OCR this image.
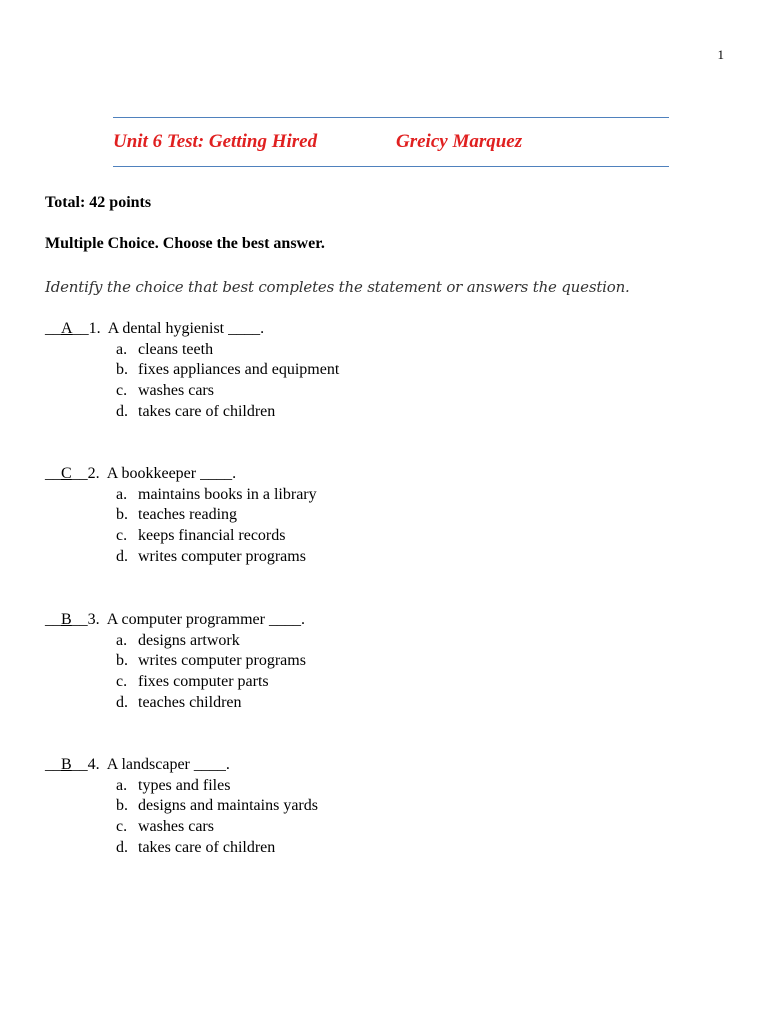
1
Unit 6 Test: Getting Hired	Greicy Marquez
Total: 42 points
Multiple Choice. Choose the best answer.
Identify the choice that best completes the statement or answers the question.
__A__1. A dental hygienist ____.
a. cleans teeth
b. fixes appliances and equipment
c. washes cars
d. takes care of children
__C__2. A bookkeeper ____.
a. maintains books in a library
b. teaches reading
c. keeps financial records
d. writes computer programs
__B__3. A computer programmer ____.
a. designs artwork
b. writes computer programs
c. fixes computer parts
d. teaches children
__B__4. A landscaper ____.
a. types and files
b. designs and maintains yards
c. washes cars
d. takes care of children
